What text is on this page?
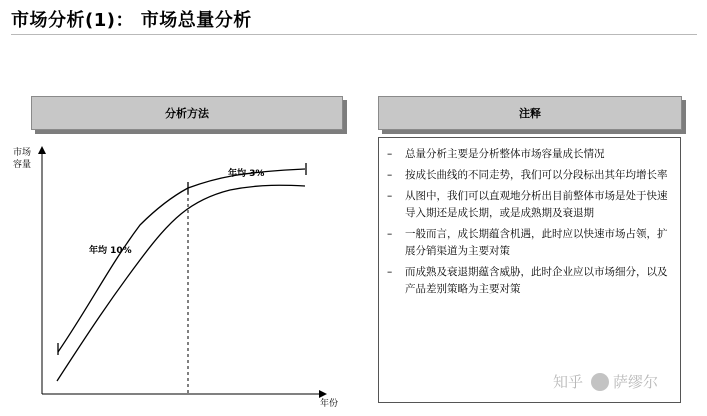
市场分析(1)： 市场总量分析
分析方法	注释
市场容量
年份
年均 10%
年均 3%
– 总量分析主要是分析整体市场容量成长情况
– 按成长曲线的不同走势，我们可以分段标出其年均增长率
– 从图中，我们可以直观地分析出目前整体市场是处于快速导入期还是成长期，或是成熟期及衰退期
– 一般而言，成长期蕴含机遇，此时应以快速市场占领，扩展分销渠道为主要对策
– 而成熟及衰退期蕴含威胁，此时企业应以市场细分，以及产品差别策略为主要对策
知乎 萨缪尔
